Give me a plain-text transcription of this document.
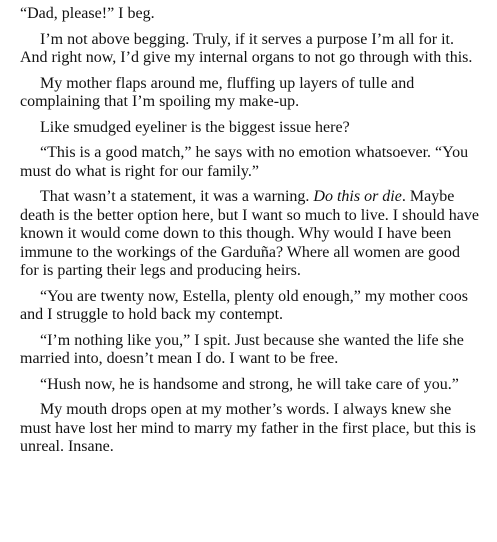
“Dad, please!” I beg.

I’m not above begging. Truly, if it serves a purpose I’m all for it. And right now, I’d give my internal organs to not go through with this.

My mother flaps around me, fluffing up layers of tulle and complaining that I’m spoiling my make-up.

Like smudged eyeliner is the biggest issue here?

“This is a good match,” he says with no emotion whatsoever. “You must do what is right for our family.”

That wasn’t a statement, it was a warning. Do this or die. Maybe death is the better option here, but I want so much to live. I should have known it would come down to this though. Why would I have been immune to the workings of the Garduña? Where all women are good for is parting their legs and producing heirs.

“You are twenty now, Estella, plenty old enough,” my mother coos and I struggle to hold back my contempt.

“I’m nothing like you,” I spit. Just because she wanted the life she married into, doesn’t mean I do. I want to be free.

“Hush now, he is handsome and strong, he will take care of you.”

My mouth drops open at my mother’s words. I always knew she must have lost her mind to marry my father in the first place, but this is unreal. Insane.
